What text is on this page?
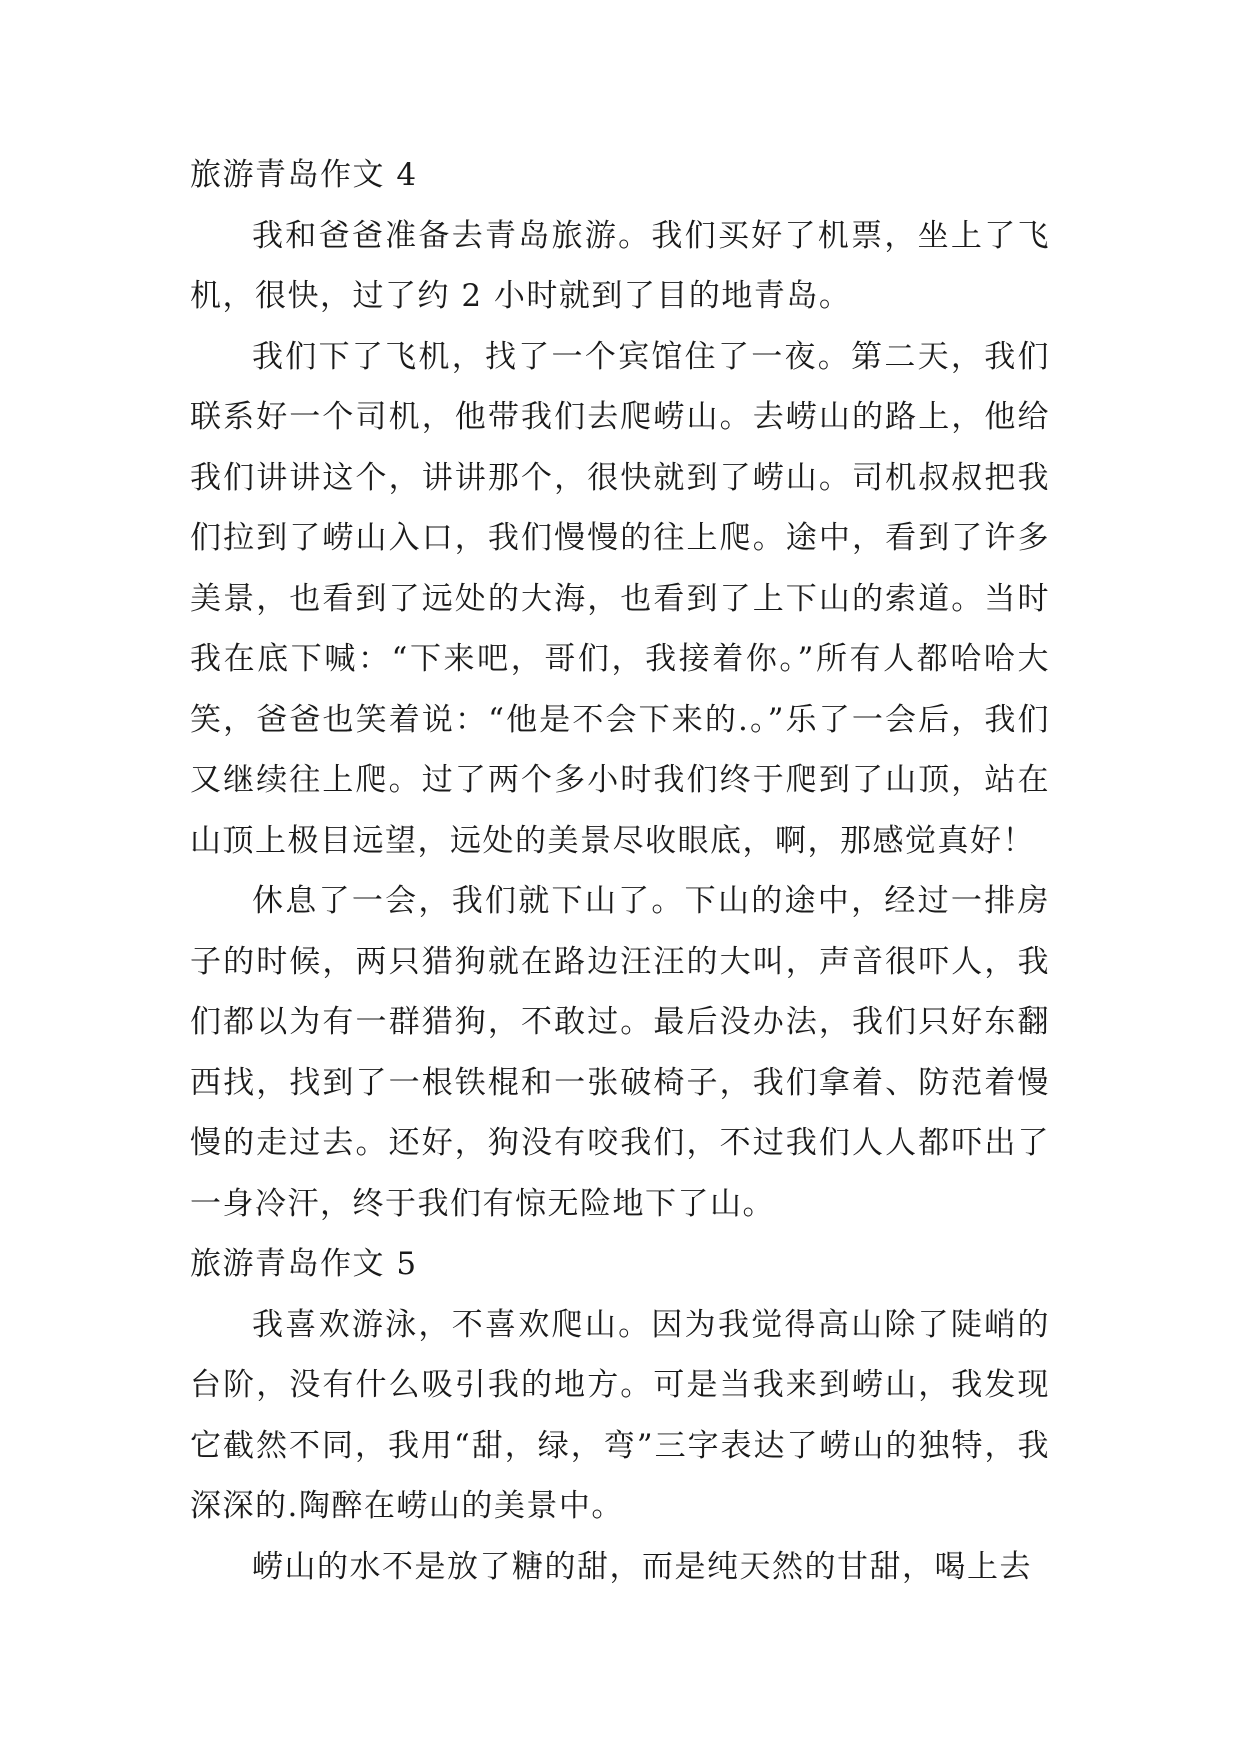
旅游青岛作文 4

我和爸爸准备去青岛旅游。我们买好了机票，坐上了飞机，很快，过了约 2 小时就到了目的地青岛。

我们下了飞机，找了一个宾馆住了一夜。第二天，我们联系好一个司机，他带我们去爬崂山。去崂山的路上，他给我们讲讲这个，讲讲那个，很快就到了崂山。司机叔叔把我们拉到了崂山入口，我们慢慢的往上爬。途中，看到了许多美景，也看到了远处的大海，也看到了上下山的索道。当时我在底下喊：“下来吧，哥们，我接着你。”所有人都哈哈大笑，爸爸也笑着说：“他是不会下来的.。”乐了一会后，我们又继续往上爬。过了两个多小时我们终于爬到了山顶，站在山顶上极目远望，远处的美景尽收眼底，啊，那感觉真好！

休息了一会，我们就下山了。下山的途中，经过一排房子的时候，两只猎狗就在路边汪汪的大叫，声音很吓人，我们都以为有一群猎狗，不敢过。最后没办法，我们只好东翻西找，找到了一根铁棍和一张破椅子，我们拿着、防范着慢慢的走过去。还好，狗没有咬我们，不过我们人人都吓出了一身冷汗，终于我们有惊无险地下了山。

旅游青岛作文 5

我喜欢游泳，不喜欢爬山。因为我觉得高山除了陡峭的台阶，没有什么吸引我的地方。可是当我来到崂山，我发现它截然不同，我用“甜，绿，弯”三字表达了崂山的独特，我深深的.陶醉在崂山的美景中。

崂山的水不是放了糖的甜，而是纯天然的甘甜，喝上去
